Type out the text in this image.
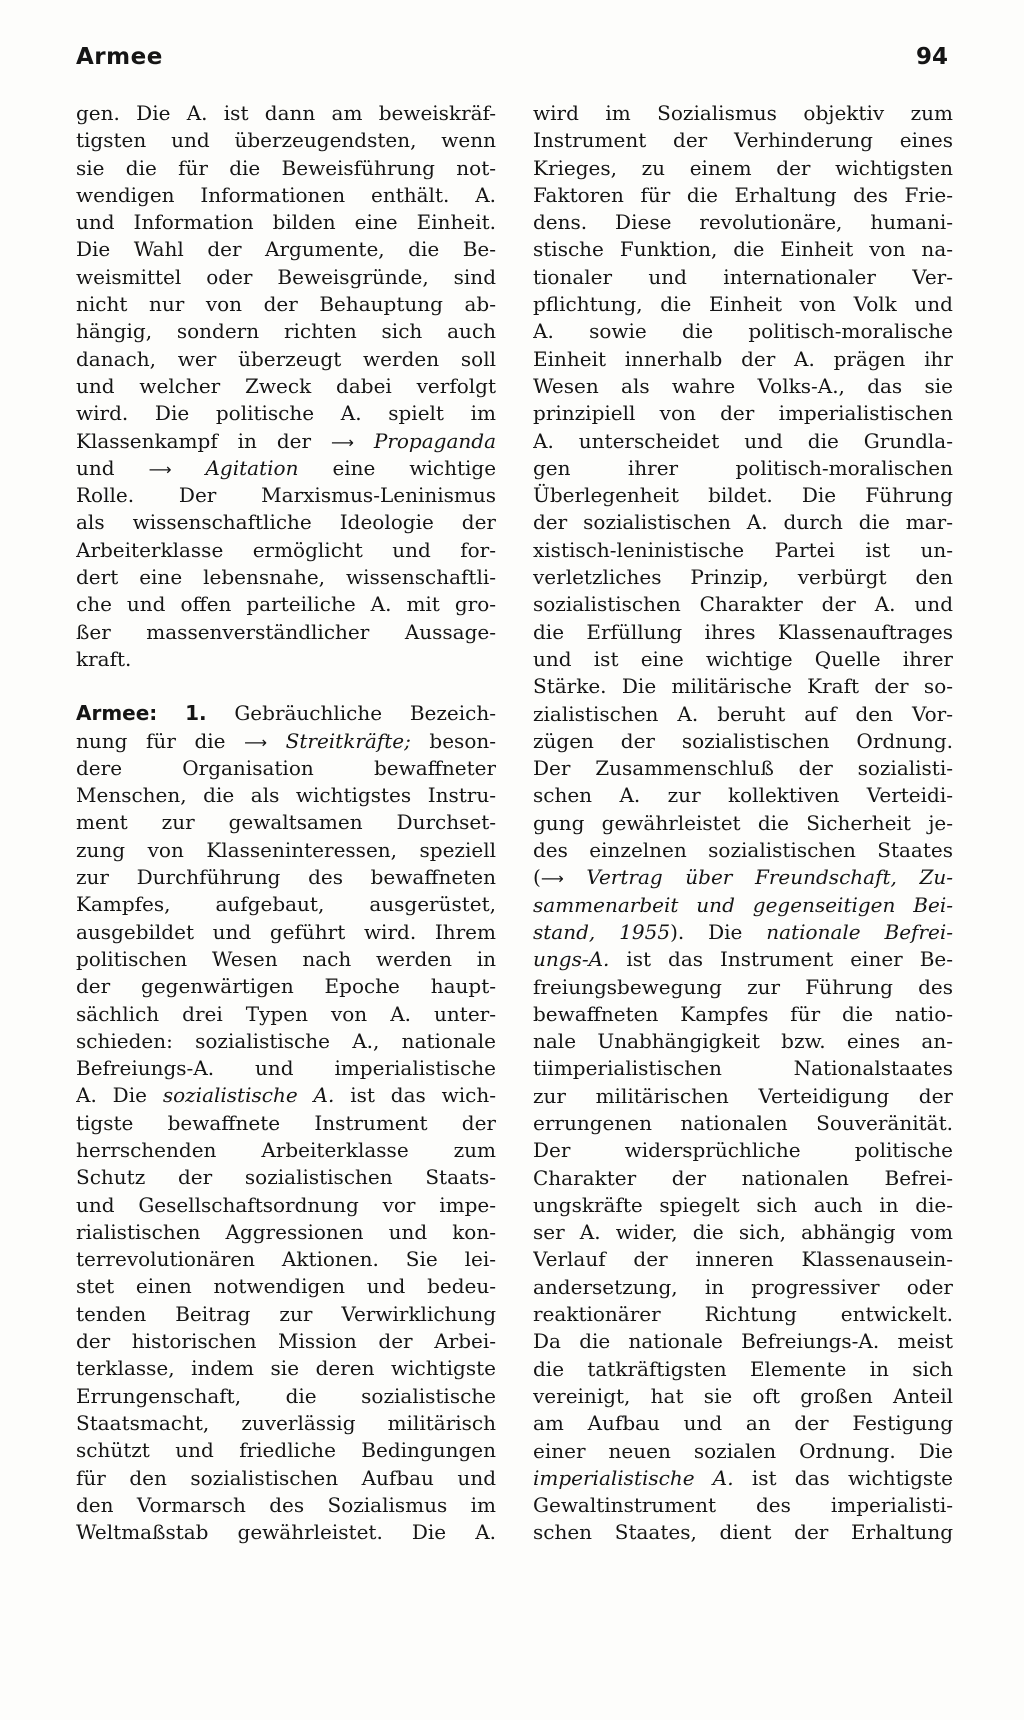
Armee	94
gen. Die A. ist dann am beweiskräf-
tigsten und überzeugendsten, wenn
sie die für die Beweisführung not-
wendigen Informationen enthält. A.
und Information bilden eine Einheit.
Die Wahl der Argumente, die Be-
weismittel oder Beweisgründe, sind
nicht nur von der Behauptung ab-
hängig, sondern richten sich auch
danach, wer überzeugt werden soll
und welcher Zweck dabei verfolgt
wird. Die politische A. spielt im
Klassenkampf in der ⟶ Propaganda
und ⟶ Agitation eine wichtige
Rolle. Der Marxismus-Leninismus
als wissenschaftliche Ideologie der
Arbeiterklasse ermöglicht und for-
dert eine lebensnahe, wissenschaftli-
che und offen parteiliche A. mit gro-
ßer massenverständlicher Aussage-
kraft.
Armee: 1. Gebräuchliche Bezeich-
nung für die ⟶ Streitkräfte; beson-
dere Organisation bewaffneter
Menschen, die als wichtigstes Instru-
ment zur gewaltsamen Durchset-
zung von Klasseninteressen, speziell
zur Durchführung des bewaffneten
Kampfes, aufgebaut, ausgerüstet,
ausgebildet und geführt wird. Ihrem
politischen Wesen nach werden in
der gegenwärtigen Epoche haupt-
sächlich drei Typen von A. unter-
schieden: sozialistische A., nationale
Befreiungs-A. und imperialistische
A. Die sozialistische A. ist das wich-
tigste bewaffnete Instrument der
herrschenden Arbeiterklasse zum
Schutz der sozialistischen Staats-
und Gesellschaftsordnung vor impe-
rialistischen Aggressionen und kon-
terrevolutionären Aktionen. Sie lei-
stet einen notwendigen und bedeu-
tenden Beitrag zur Verwirklichung
der historischen Mission der Arbei-
terklasse, indem sie deren wichtigste
Errungenschaft, die sozialistische
Staatsmacht, zuverlässig militärisch
schützt und friedliche Bedingungen
für den sozialistischen Aufbau und
den Vormarsch des Sozialismus im
Weltmaßstab gewährleistet. Die A.
wird im Sozialismus objektiv zum
Instrument der Verhinderung eines
Krieges, zu einem der wichtigsten
Faktoren für die Erhaltung des Frie-
dens. Diese revolutionäre, humani-
stische Funktion, die Einheit von na-
tionaler und internationaler Ver-
pflichtung, die Einheit von Volk und
A. sowie die politisch-moralische
Einheit innerhalb der A. prägen ihr
Wesen als wahre Volks-A., das sie
prinzipiell von der imperialistischen
A. unterscheidet und die Grundla-
gen ihrer politisch-moralischen
Überlegenheit bildet. Die Führung
der sozialistischen A. durch die mar-
xistisch-leninistische Partei ist un-
verletzliches Prinzip, verbürgt den
sozialistischen Charakter der A. und
die Erfüllung ihres Klassenauftrages
und ist eine wichtige Quelle ihrer
Stärke. Die militärische Kraft der so-
zialistischen A. beruht auf den Vor-
zügen der sozialistischen Ordnung.
Der Zusammenschluß der sozialisti-
schen A. zur kollektiven Verteidi-
gung gewährleistet die Sicherheit je-
des einzelnen sozialistischen Staates
(⟶ Vertrag über Freundschaft, Zu-
sammenarbeit und gegenseitigen Bei-
stand, 1955). Die nationale Befrei-
ungs-A. ist das Instrument einer Be-
freiungsbewegung zur Führung des
bewaffneten Kampfes für die natio-
nale Unabhängigkeit bzw. eines an-
tiimperialistischen Nationalstaates
zur militärischen Verteidigung der
errungenen nationalen Souveränität.
Der widersprüchliche politische
Charakter der nationalen Befrei-
ungskräfte spiegelt sich auch in die-
ser A. wider, die sich, abhängig vom
Verlauf der inneren Klassenausein-
andersetzung, in progressiver oder
reaktionärer Richtung entwickelt.
Da die nationale Befreiungs-A. meist
die tatkräftigsten Elemente in sich
vereinigt, hat sie oft großen Anteil
am Aufbau und an der Festigung
einer neuen sozialen Ordnung. Die
imperialistische A. ist das wichtigste
Gewaltinstrument des imperialisti-
schen Staates, dient der Erhaltung
